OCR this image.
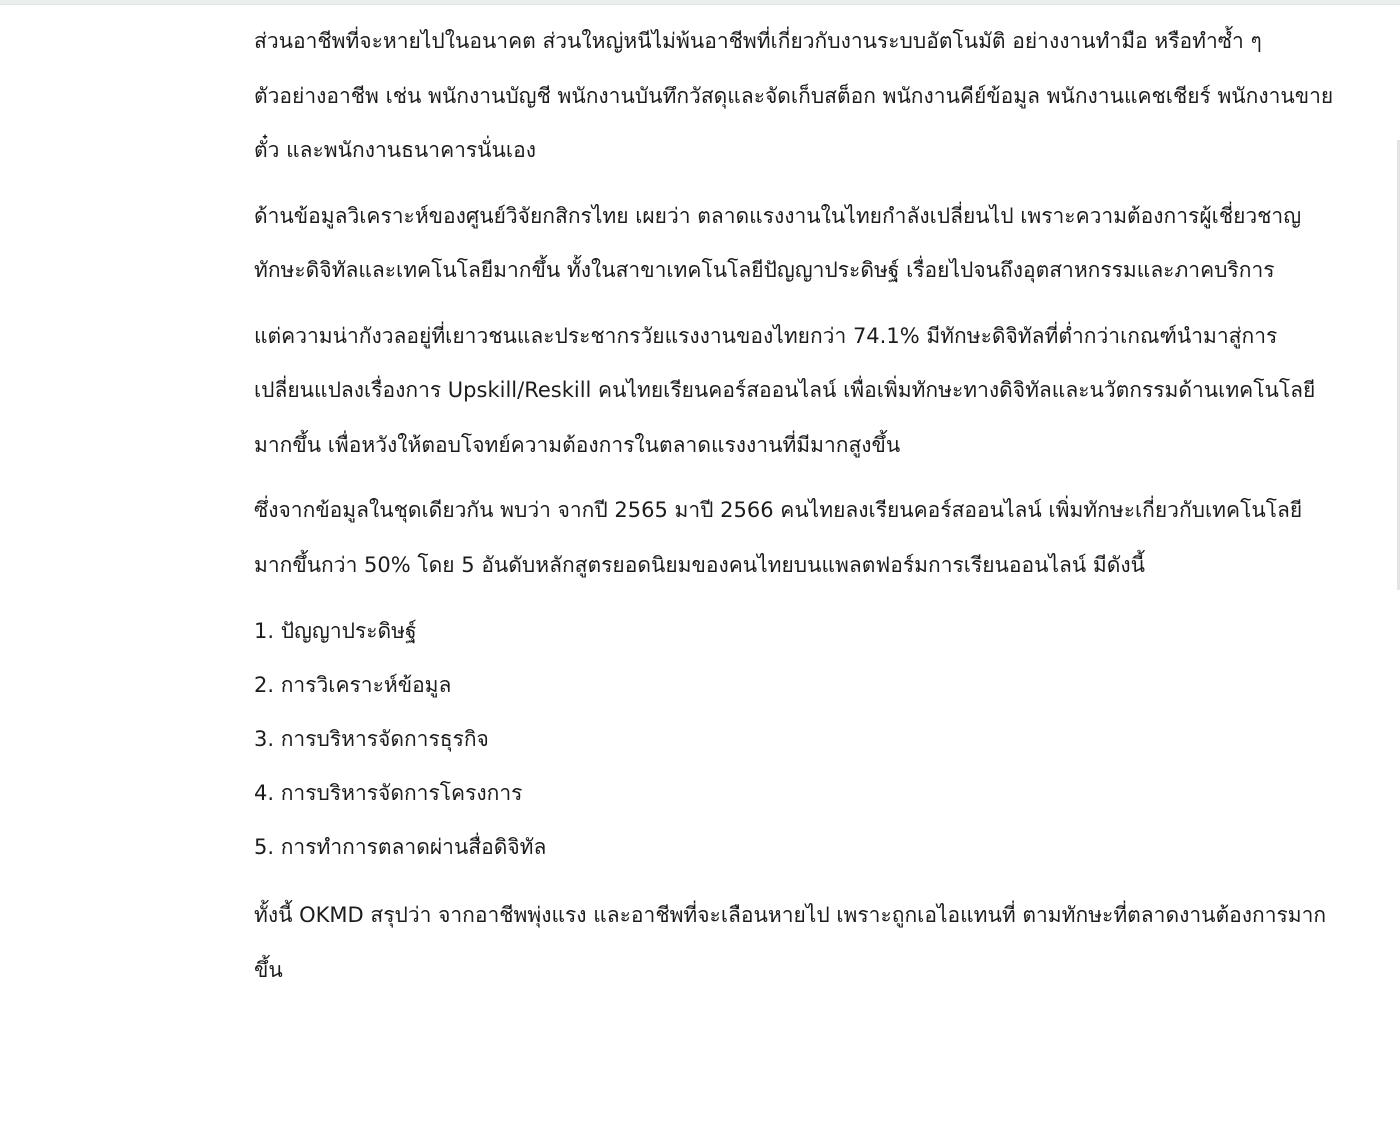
ส่วนอาชีพที่จะหายไปในอนาคต ส่วนใหญ่หนีไม่พ้นอาชีพที่เกี่ยวกับงานระบบอัตโนมัติ อย่างงานทำมือ หรือทำซ้ำ ๆ ตัวอย่างอาชีพ เช่น พนักงานบัญชี พนักงานบันทึกวัสดุและจัดเก็บสต็อก พนักงานคีย์ข้อมูล พนักงานแคชเชียร์ พนักงานขายตั๋ว และพนักงานธนาคารนั่นเอง

ด้านข้อมูลวิเคราะห์ของศูนย์วิจัยกสิกรไทย เผยว่า ตลาดแรงงานในไทยกำลังเปลี่ยนไป เพราะความต้องการผู้เชี่ยวชาญทักษะดิจิทัลและเทคโนโลยีมากขึ้น ทั้งในสาขาเทคโนโลยีปัญญาประดิษฐ์ เรื่อยไปจนถึงอุตสาหกรรมและภาคบริการ

แต่ความน่ากังวลอยู่ที่เยาวชนและประชากรวัยแรงงานของไทยกว่า 74.1% มีทักษะดิจิทัลที่ต่ำกว่าเกณฑ์นำมาสู่การเปลี่ยนแปลงเรื่องการ Upskill/Reskill คนไทยเรียนคอร์สออนไลน์ เพื่อเพิ่มทักษะทางดิจิทัลและนวัตกรรมด้านเทคโนโลยีมากขึ้น เพื่อหวังให้ตอบโจทย์ความต้องการในตลาดแรงงานที่มีมากสูงขึ้น

ซึ่งจากข้อมูลในชุดเดียวกัน พบว่า จากปี 2565 มาปี 2566 คนไทยลงเรียนคอร์สออนไลน์ เพิ่มทักษะเกี่ยวกับเทคโนโลยีมากขึ้นกว่า 50% โดย 5 อันดับหลักสูตรยอดนิยมของคนไทยบนแพลตฟอร์มการเรียนออนไลน์ มีดังนี้

1. ปัญญาประดิษฐ์
2. การวิเคราะห์ข้อมูล
3. การบริหารจัดการธุรกิจ
4. การบริหารจัดการโครงการ
5. การทำการตลาดผ่านสื่อดิจิทัล

ทั้งนี้ OKMD สรุปว่า จากอาชีพพุ่งแรง และอาชีพที่จะเลือนหายไป เพราะถูกเอไอแทนที่ ตามทักษะที่ตลาดงานต้องการมากขึ้น
